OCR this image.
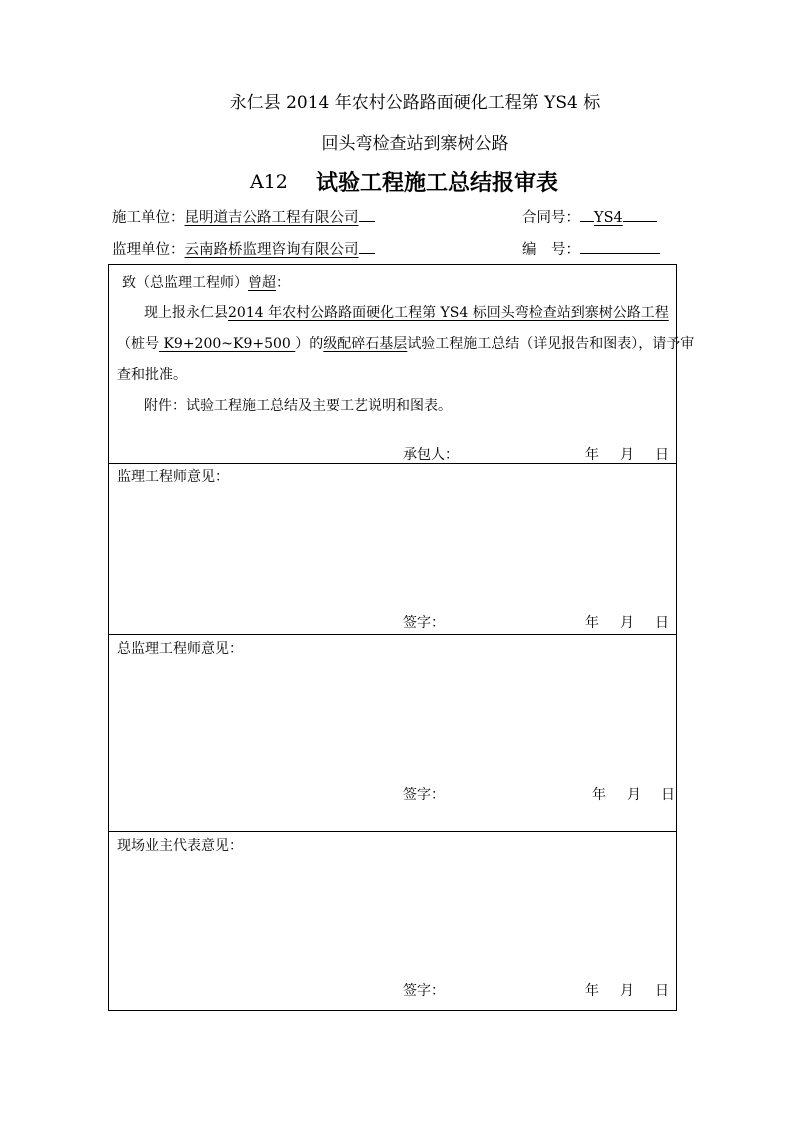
永仁县 2014 年农村公路路面硬化工程第 YS4 标
回头弯检查站到寨树公路
A12 试验工程施工总结报审表
施工单位：昆明道吉公路工程有限公司	合同号： YS4
监理单位：云南路桥监理咨询有限公司	编　号：
致（总监理工程师）曾超：
现上报永仁县2014 年农村公路路面硬化工程第 YS4 标回头弯检查站到寨树公路工程
（桩号 K9+200~K9+500 ）的级配碎石基层试验工程施工总结（详见报告和图表），请予审
查和批准。
附件：试验工程施工总结及主要工艺说明和图表。
承包人：	年 月 日
监理工程师意见：
签字：	年 月 日
总监理工程师意见：
签字：	年 月 日
现场业主代表意见：
签字：	年 月 日
